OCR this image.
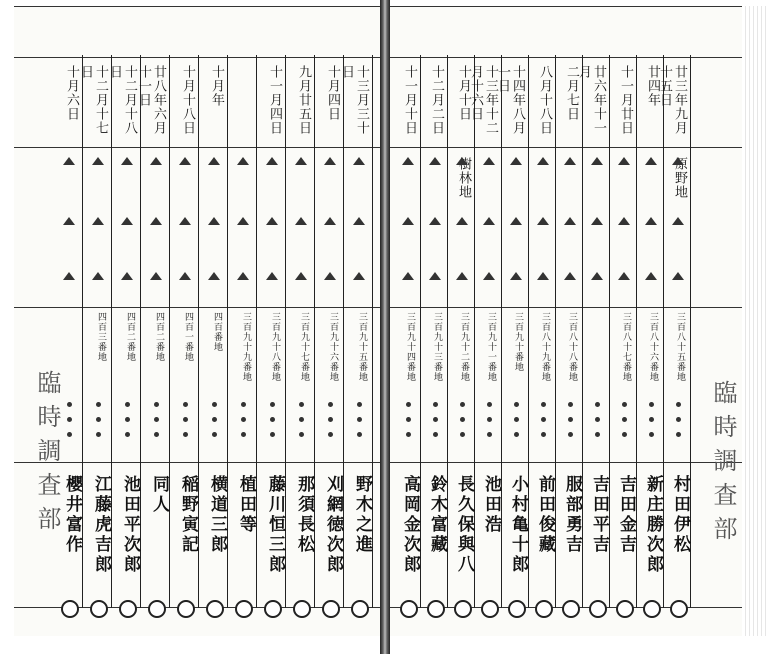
十月六日
櫻井富作
十二月十七日
四百三番地
江藤虎吉郎
十二月十八日
四百二番地
池田平次郎
廿八年六月十一日
四百二番地
同人
十月十八日
四百一番地
稲野寅記
十月年
四百番地
横道三郎
三百九十九番地
植田等
十一月四日
三百九十八番地
藤川恒三郎
九月廿五日
三百九十七番地
那須長松
十月四日
三百九十六番地
刈網徳次郎
十三月三十日
三百九十五番地
野木之進
十一月十日
三百九十四番地
高岡金次郎
十二月二日
三百九十三番地
鈴木富藏
十月十日
樹林地
三百九十二番地
長久保與八
十三年十二月十六日
三百九十一番地
池田浩
十四年八月一日
三百九十番地
小村亀十郎
八月十八日
三百八十九番地
前田俊藏
二月七日
三百八十八番地
服部勇吉
廿六年十一月
吉田平吉
十一月廿日
三百八十七番地
吉田金吉
廿四年
三百八十六番地
新庄勝次郎
廿三年九月十五日
原野地
三百八十五番地
村田伊松
臨時調査部	臨時調査部
